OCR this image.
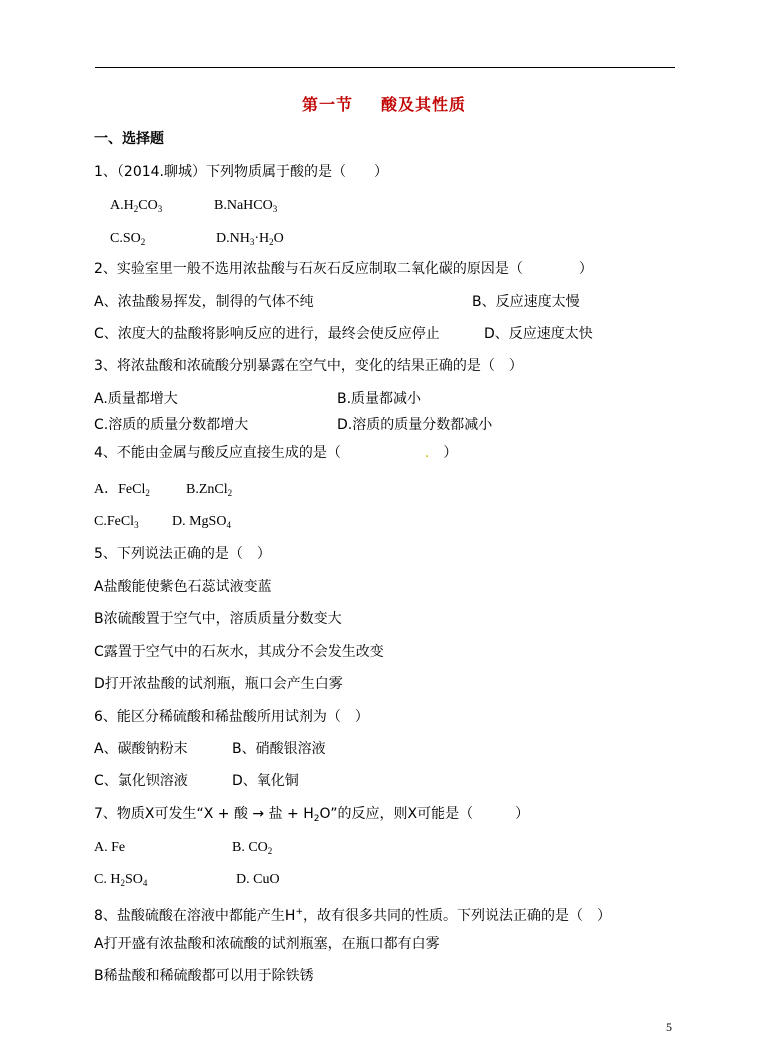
第一节 酸及其性质
一、选择题
1、（2014.聊城）下列物质属于酸的是（　　）
$A.H_2CO_3$	B.NaHCO$_3$
$C.SO_2$	$D.NH_3\cdot H_2O$
2、实验室里一般不选用浓盐酸与石灰石反应制取二氧化碳的原因是（　　　　）
A、浓盐酸易挥发，制得的气体不纯	B、反应速度太慢
C、浓度大的盐酸将影响反应的进行，最终会使反应停止	D、反应速度太快
3、将浓盐酸和浓硫酸分别暴露在空气中，变化的结果正确的是（　）
A.质量都增大	B.质量都减小
C.溶质的质量分数都增大	D.溶质的质量分数都减小
4、不能由金属与酸反应直接生成的是（　　　　　　.　）
A．FeCl$_2$	B.ZnCl$_2$
C.FeCl$_3$ D. MgSO$_4$
5、下列说法正确的是（　）
A盐酸能使紫色石蕊试液变蓝
B浓硫酸置于空气中，溶质质量分数变大
C露置于空气中的石灰水，其成分不会发生改变
D打开浓盐酸的试剂瓶，瓶口会产生白雾
6、能区分稀硫酸和稀盐酸所用试剂为（　）
A、碳酸钠粉末	B、硝酸银溶液
C、氯化钡溶液	D、氧化铜
7、物质X可发生“X + 酸 → 盐 + $H_2O$”的反应，则X可能是（　　　）
A. Fe	B. $CO_2$
C. $H_2SO_4$	D. CuO
8、盐酸硫酸在溶液中都能产生H+，故有很多共同的性质。下列说法正确的是（　）
A打开盛有浓盐酸和浓硫酸的试剂瓶塞，在瓶口都有白雾
B稀盐酸和稀硫酸都可以用于除铁锈
5
